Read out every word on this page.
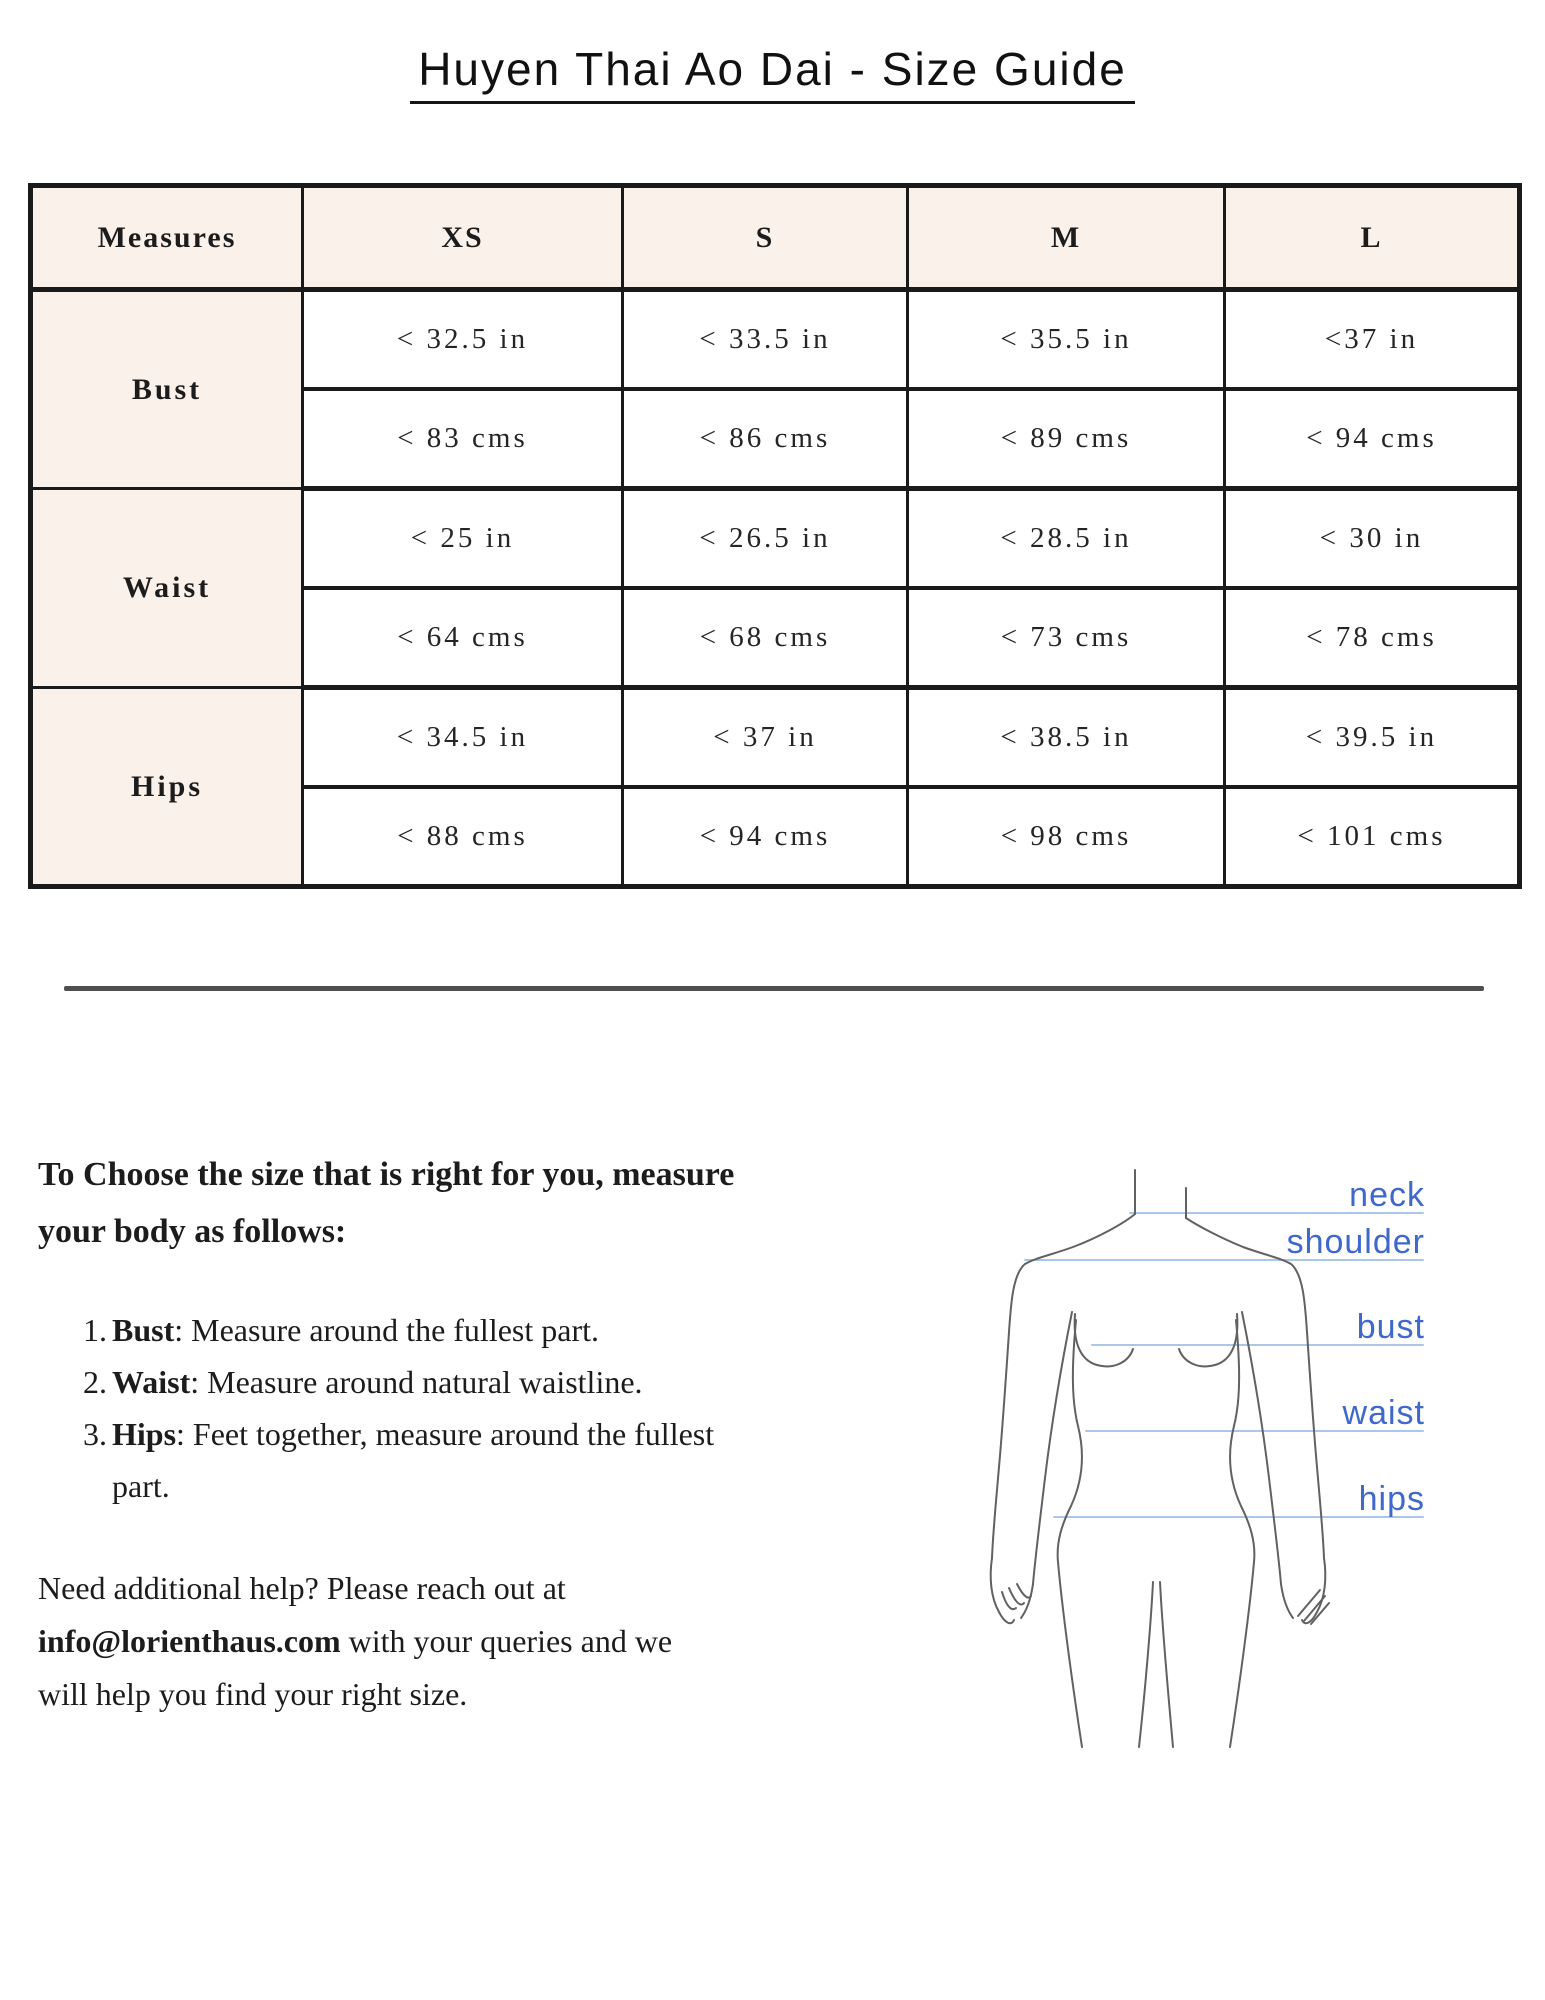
Huyen Thai Ao Dai - Size Guide
Measures	XS	S	M	L
Bust	< 32.5 in	< 33.5 in	< 35.5 in	<37 in
	< 83 cms	< 86 cms	< 89 cms	< 94 cms
Waist	< 25 in	< 26.5 in	< 28.5 in	< 30 in
	< 64 cms	< 68 cms	< 73 cms	< 78 cms
Hips	< 34.5 in	< 37 in	< 38.5 in	< 39.5 in
	< 88 cms	< 94 cms	< 98 cms	< 101 cms
To Choose the size that is right for you, measure
your body as follows:
1. Bust: Measure around the fullest part.
2. Waist: Measure around natural waistline.
3. Hips: Feet together, measure around the fullest part.
Need additional help? Please reach out at
info@lorienthaus.com with your queries and we
will help you find your right size.
neck
shoulder
bust
waist
hips
